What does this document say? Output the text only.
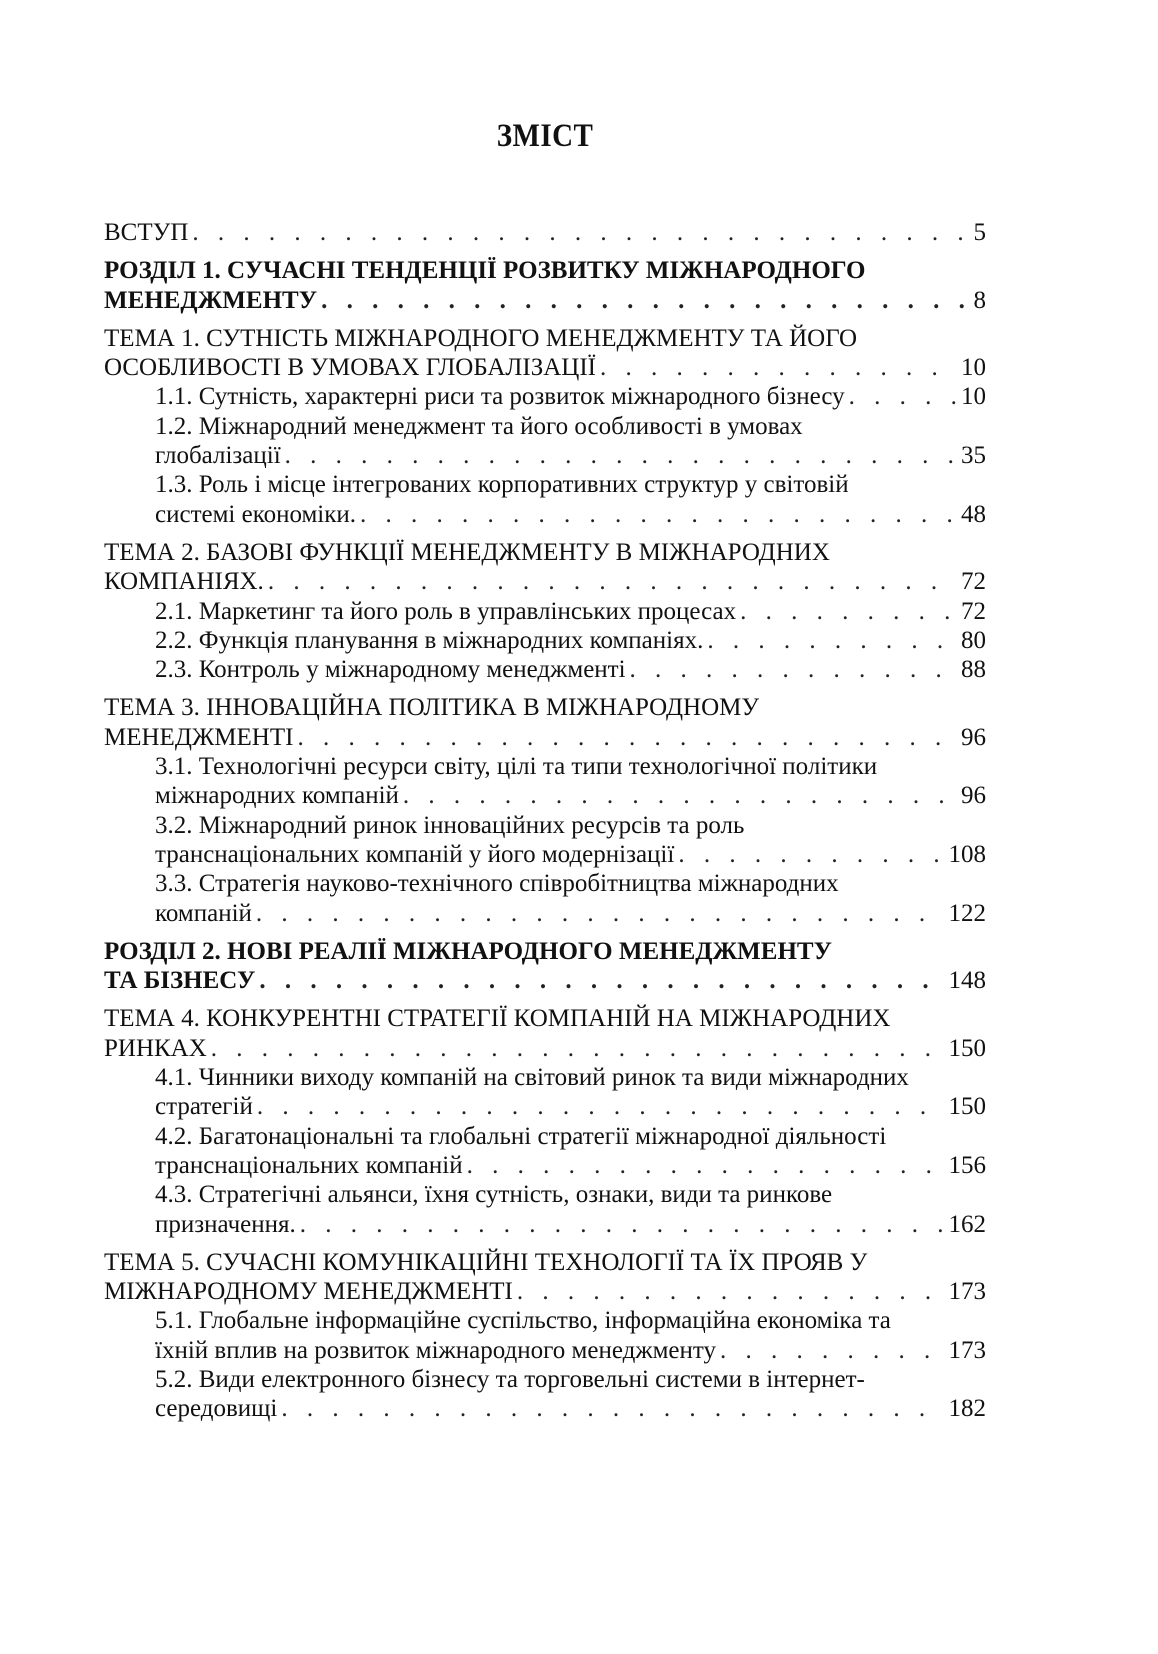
ЗМІСТ
ВСТУП . . .	5
РОЗДІЛ 1. СУЧАСНІ ТЕНДЕНЦІЇ РОЗВИТКУ МІЖНАРОДНОГО
МЕНЕДЖМЕНТУ . . .	8
ТЕМА 1. СУТНІСТЬ МІЖНАРОДНОГО МЕНЕДЖМЕНТУ ТА ЙОГО
ОСОБЛИВОСТІ В УМОВАХ ГЛОБАЛІЗАЦІЇ . . .	10
1.1. Сутність, характерні риси та розвиток міжнародного бізнесу . . .	10
1.2. Міжнародний менеджмент та його особливості в умовах
глобалізації . . .	35
1.3. Роль і місце інтегрованих корпоративних структур у світовій
системі економіки. . . .	48
ТЕМА 2. БАЗОВІ ФУНКЦІЇ МЕНЕДЖМЕНТУ В МІЖНАРОДНИХ
КОМПАНІЯХ. . . .	72
2.1. Маркетинг та його роль в управлінських процесах . . .	72
2.2. Функція планування в міжнародних компаніях. . . .	80
2.3. Контроль у міжнародному менеджменті . . .	88
ТЕМА 3. ІННОВАЦІЙНА ПОЛІТИКА В МІЖНАРОДНОМУ
МЕНЕДЖМЕНТІ . . .	96
3.1. Технологічні ресурси світу, цілі та типи технологічної політики
міжнародних компаній . . .	96
3.2. Міжнародний ринок інноваційних ресурсів та роль
транснаціональних компаній у його модернізації . . .	108
3.3. Стратегія науково-технічного співробітництва міжнародних
компаній . . .	122
РОЗДІЛ 2. НОВІ РЕАЛІЇ МІЖНАРОДНОГО МЕНЕДЖМЕНТУ
ТА БІЗНЕСУ . . .	148
ТЕМА 4. КОНКУРЕНТНІ СТРАТЕГІЇ КОМПАНІЙ НА МІЖНАРОДНИХ
РИНКАХ . . .	150
4.1. Чинники виходу компаній на світовий ринок та види міжнародних
стратегій . . .	150
4.2. Багатонаціональні та глобальні стратегії міжнародної діяльності
транснаціональних компаній . . .	156
4.3. Стратегічні альянси, їхня сутність, ознаки, види та ринкове
призначення. . . .	162
ТЕМА 5. СУЧАСНІ КОМУНІКАЦІЙНІ ТЕХНОЛОГІЇ ТА ЇХ ПРОЯВ У
МІЖНАРОДНОМУ МЕНЕДЖМЕНТІ . . .	173
5.1. Глобальне інформаційне суспільство, інформаційна економіка та
їхній вплив на розвиток міжнародного менеджменту . . .	173
5.2. Види електронного бізнесу та торговельні системи в інтернет-
середовищі . . .	182
